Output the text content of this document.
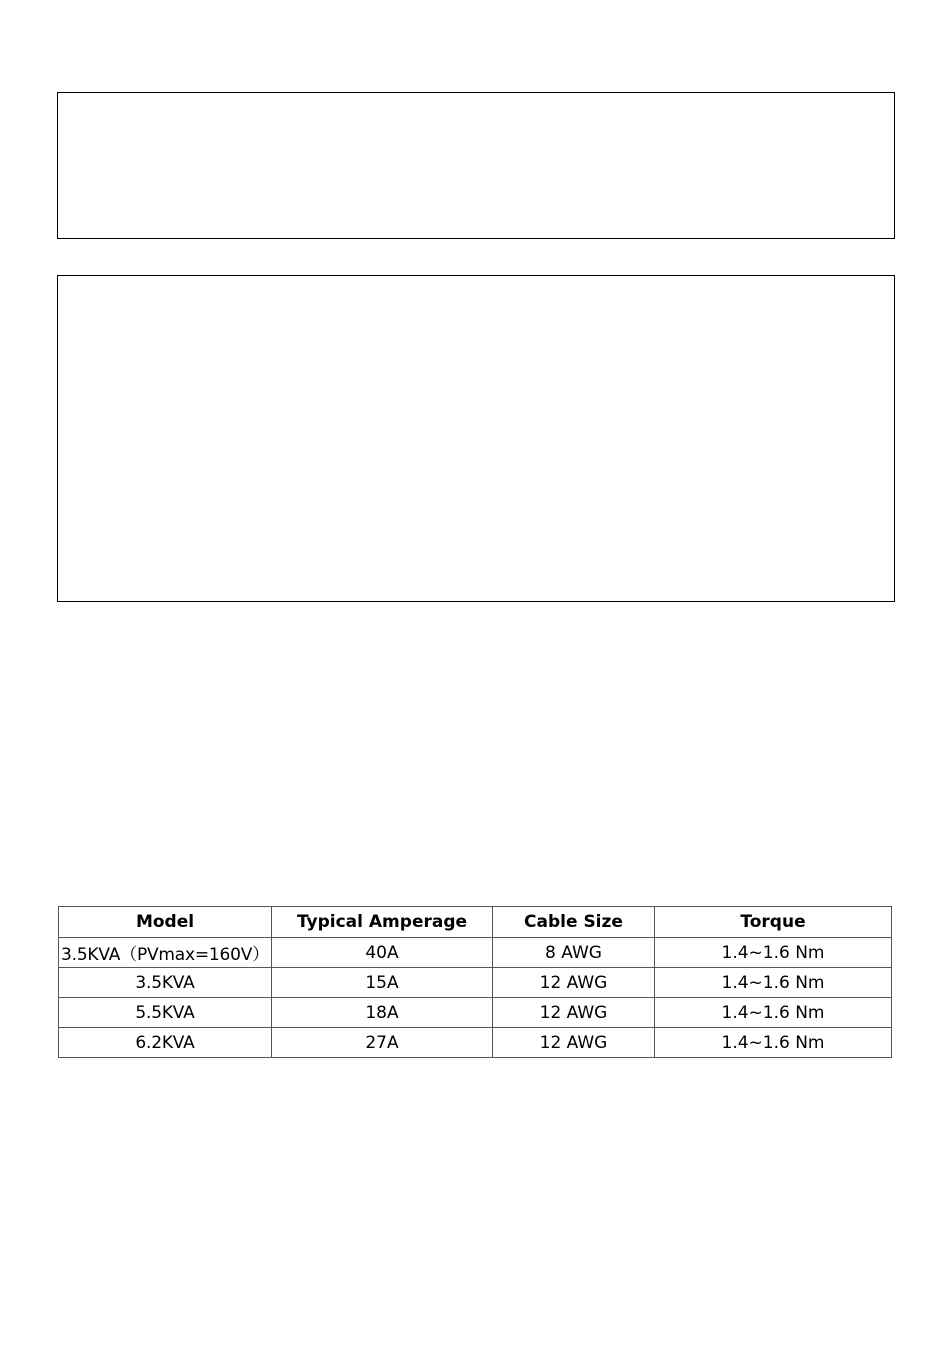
Model	Typical Amperage	Cable Size	Torque
3.5KVA（PVmax=160V）	40A	8 AWG	1.4~1.6 Nm
3.5KVA	15A	12 AWG	1.4~1.6 Nm
5.5KVA	18A	12 AWG	1.4~1.6 Nm
6.2KVA	27A	12 AWG	1.4~1.6 Nm
